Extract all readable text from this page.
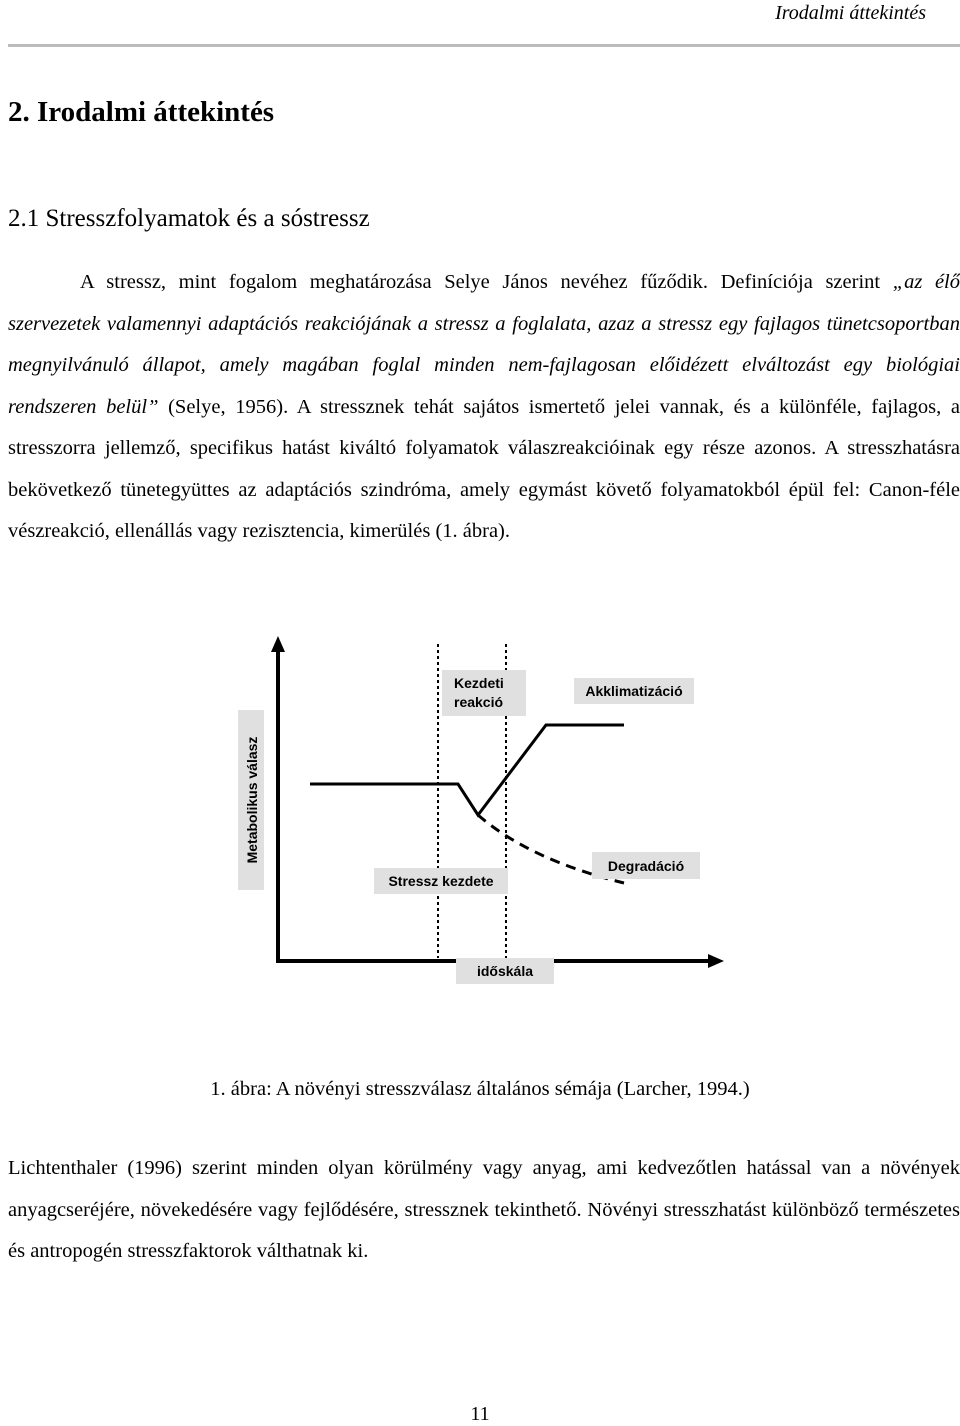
Irodalmi áttekintés
2. Irodalmi áttekintés
2.1 Stresszfolyamatok és a sóstressz

A stressz, mint fogalom meghatározása Selye János nevéhez fűződik. Definíciója szerint „az élő szervezetek valamennyi adaptációs reakciójának a stressz a foglalata, azaz a stressz egy fajlagos tünetcsoportban megnyilvánuló állapot, amely magában foglal minden nem-fajlagosan előidézett elváltozást egy biológiai rendszeren belül” (Selye, 1956). A stressznek tehát sajátos ismertető jelei vannak, és a különféle, fajlagos, a stresszorra jellemző, specifikus hatást kiváltó folyamatok válaszreakcióinak egy része azonos. A stresszhatásra bekövetkező tünetegyüttes az adaptációs szindróma, amely egymást követő folyamatokból épül fel: Canon-féle vészreakció, ellenállás vagy rezisztencia, kimerülés (1. ábra).

Metabolikus válasz
Kezdeti
reakció
Akklimatizáció
Stressz kezdete
Degradáció
időskála
1. ábra: A növényi stresszválasz általános sémája (Larcher, 1994.)

Lichtenthaler (1996) szerint minden olyan körülmény vagy anyag, ami kedvezőtlen hatással van a növények anyagcseréjére, növekedésére vagy fejlődésére, stressznek tekinthető. Növényi stresszhatást különböző természetes és antropogén stresszfaktorok válthatnak ki.

11
